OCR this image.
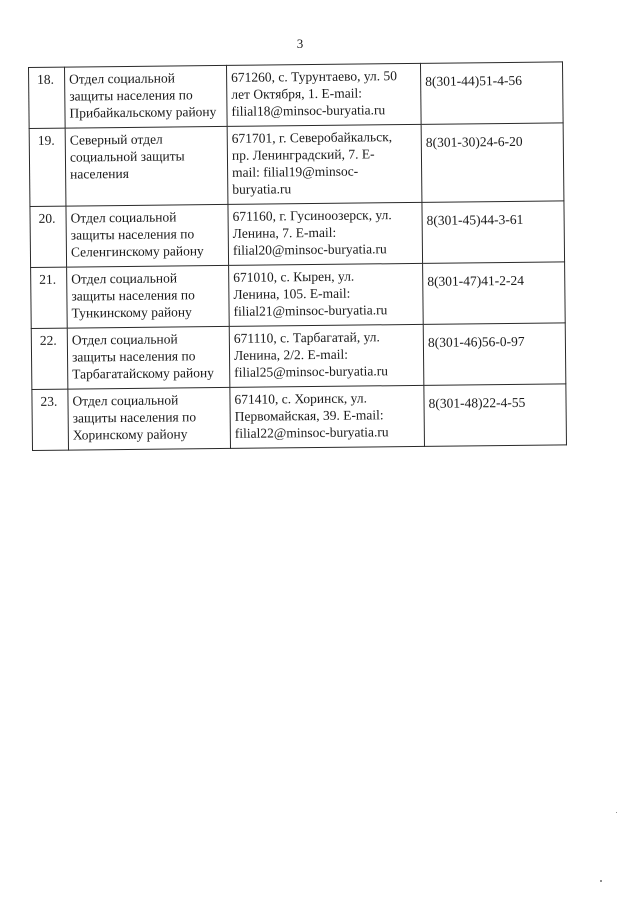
3
18.	Отдел социальной защиты населения по Прибайкальскому району	671260, с. Турунтаево, ул. 50
лет Октября, 1. E-mail:
filial18@minsoc-buryatia.ru	8(301-44)51-4-56
19.	Северный отдел социальной защиты населения	671701, г. Северобайкальск,
пр. Ленинградский, 7. E-
mail: filial19@minsoc-
buryatia.ru	8(301-30)24-6-20
20.	Отдел социальной защиты населения по Селенгинскому району	671160, г. Гусиноозерск, ул.
Ленина, 7. E-mail:
filial20@minsoc-buryatia.ru	8(301-45)44-3-61
21.	Отдел социальной защиты населения по Тункинскому району	671010, с. Кырен, ул.
Ленина, 105. E-mail:
filial21@minsoc-buryatia.ru	8(301-47)41-2-24
22.	Отдел социальной защиты населения по Тарбагатайскому району	671110, с. Тарбагатай, ул.
Ленина, 2/2. E-mail:
filial25@minsoc-buryatia.ru	8(301-46)56-0-97
23.	Отдел социальной защиты населения по Хоринскому району	671410, с. Хоринск, ул.
Первомайская, 39. E-mail:
filial22@minsoc-buryatia.ru	8(301-48)22-4-55
